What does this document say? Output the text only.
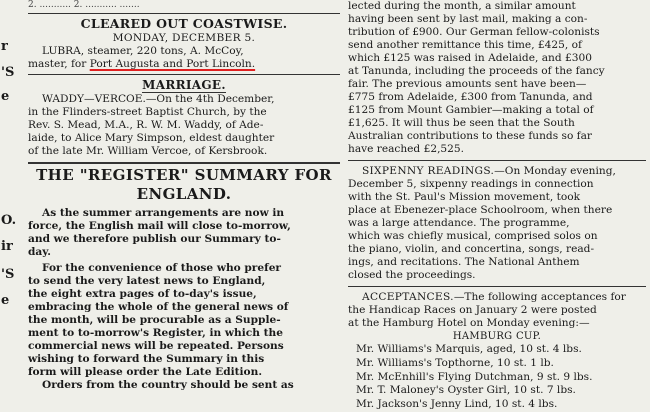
r
'S
e
O.
ir
'S
e
2. ........... 2. ........... .......
CLEARED OUT COASTWISE.
MONDAY, DECEMBER 5.

LUBRA, steamer, 220 tons, A. McCoy,

master, for Port Augusta and Port Lincoln.

MARRIAGE.

WADDY—VERCOE.—On the 4th December,

in the Flinders-street Baptist Church, by the

Rev. S. Mead, M.A., R. W. M. Waddy, of Ade-

laide, to Alice Mary Simpson, eldest daughter

of the late Mr. William Vercoe, of Kersbrook.

THE "REGISTER" SUMMARY FOR
ENGLAND.

As the summer arrangements are now in

force, the English mail will close to-morrow,

and we therefore publish our Summary to-

day.

For the convenience of those who prefer

to send the very latest news to England,

the eight extra pages of to-day's issue,

embracing the whole of the general news of

the month, will be procurable as a Supple-

ment to to-morrow's Register, in which the

commercial news will be repeated. Persons

wishing to forward the Summary in this

form will please order the Late Edition.

Orders from the country should be sent as

lected during the month, a similar amount

having been sent by last mail, making a con-

tribution of £900. Our German fellow-colonists

send another remittance this time, £425, of

which £125 was raised in Adelaide, and £300

at Tanunda, including the proceeds of the fancy

fair. The previous amounts sent have been—

£775 from Adelaide, £300 from Tanunda, and

£125 from Mount Gambier—making a total of

£1,625. It will thus be seen that the South

Australian contributions to these funds so far

have reached £2,525.

SIXPENNY READINGS.—On Monday evening,

December 5, sixpenny readings in connection

with the St. Paul's Mission movement, took

place at Ebenezer-place Schoolroom, when there

was a large attendance. The programme,

which was chiefly musical, comprised solos on

the piano, violin, and concertina, songs, read-

ings, and recitations. The National Anthem

closed the proceedings.

ACCEPTANCES.—The following acceptances for

the Handicap Races on January 2 were posted

at the Hamburg Hotel on Monday evening:—

HAMBURG CUP.
Mr. Williams's Marquis, aged, 10 st. 4 lbs.
Mr. Williams's Topthorne, 10 st. 1 lb.
Mr. McEnhill's Flying Dutchman, 9 st. 9 lbs.
Mr. T. Maloney's Oyster Girl, 10 st. 7 lbs.
Mr. Jackson's Jenny Lind, 10 st. 4 lbs.
